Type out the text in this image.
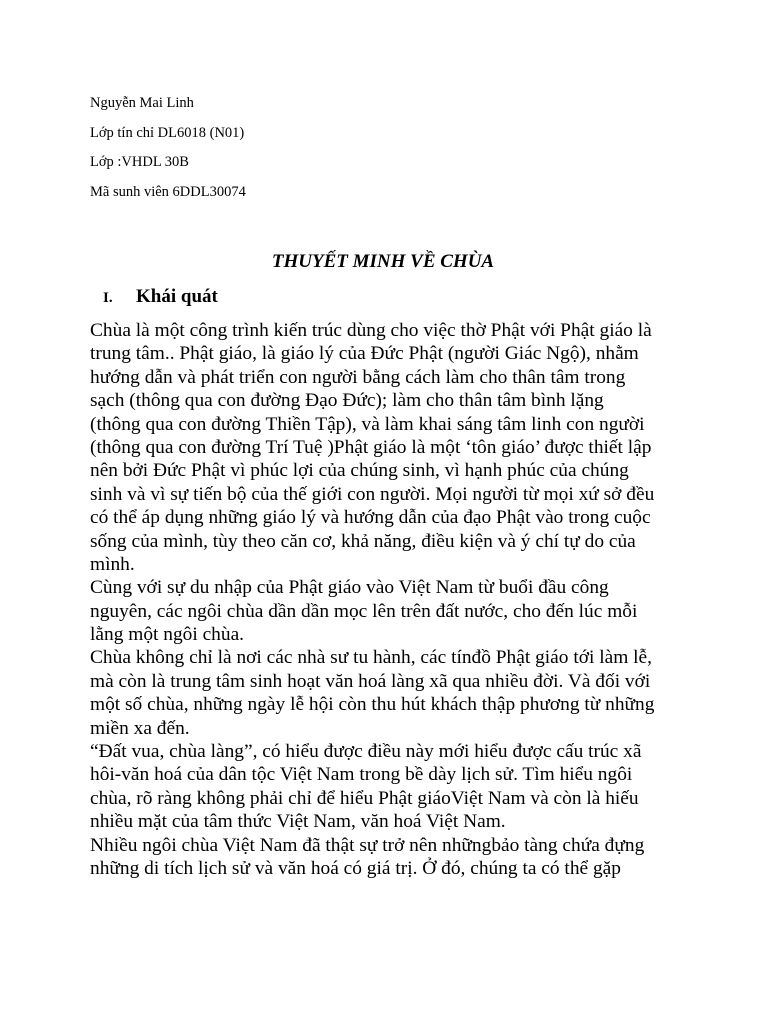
Nguyễn Mai Linh

Lớp tín chỉ DL6018 (N01)

Lớp :VHDL 30B

Mã sunh viên 6DDL30074

THUYẾT MINH VỀ CHÙA
I. Khái quát
Chùa là một công trình kiến trúc dùng cho việc thờ Phật với Phật giáo là
trung tâm.. Phật giáo, là giáo lý của Đức Phật (người Giác Ngộ), nhằm
hướng dẫn và phát triển con người bằng cách làm cho thân tâm trong
sạch (thông qua con đường Đạo Đức); làm cho thân tâm bình lặng
(thông qua con đường Thiền Tập), và làm khai sáng tâm linh con người
(thông qua con đường Trí Tuệ )Phật giáo là một ‘tôn giáo’ được thiết lập
nên bởi Đức Phật vì phúc lợi của chúng sinh, vì hạnh phúc của chúng
sinh và vì sự tiến bộ của thế giới con người. Mọi người từ mọi xứ sở đều
có thể áp dụng những giáo lý và hướng dẫn của đạo Phật vào trong cuộc
sống của mình, tùy theo căn cơ, khả năng, điều kiện và ý chí tự do của
mình.
Cùng với sự du nhập của Phật giáo vào Việt Nam từ buổi đầu công
nguyên, các ngôi chùa dần dần mọc lên trên đất nước, cho đến lúc mỗi
lằng một ngôi chùa.
Chùa không chỉ là nơi các nhà sư tu hành, các tínđồ Phật giáo tới làm lễ,
mà còn là trung tâm sinh hoạt văn hoá làng xã qua nhiều đời. Và đối với
một số chùa, những ngày lễ hội còn thu hút khách thập phương từ những
miền xa đến.
“Đất vua, chùa làng”, có hiểu được điều này mới hiểu được cấu trúc xã
hôi-văn hoá của dân tộc Việt Nam trong bề dày lịch sử. Tìm hiểu ngôi
chùa, rõ ràng không phải chỉ để hiểu Phật giáoViệt Nam và còn là hiếu
nhiều mặt của tâm thức Việt Nam, văn hoá Việt Nam.
Nhiều ngôi chùa Việt Nam đã thật sự trở nên nhữngbảo tàng chứa đựng
những di tích lịch sử và văn hoá có giá trị. Ở đó, chúng ta có thể gặp
